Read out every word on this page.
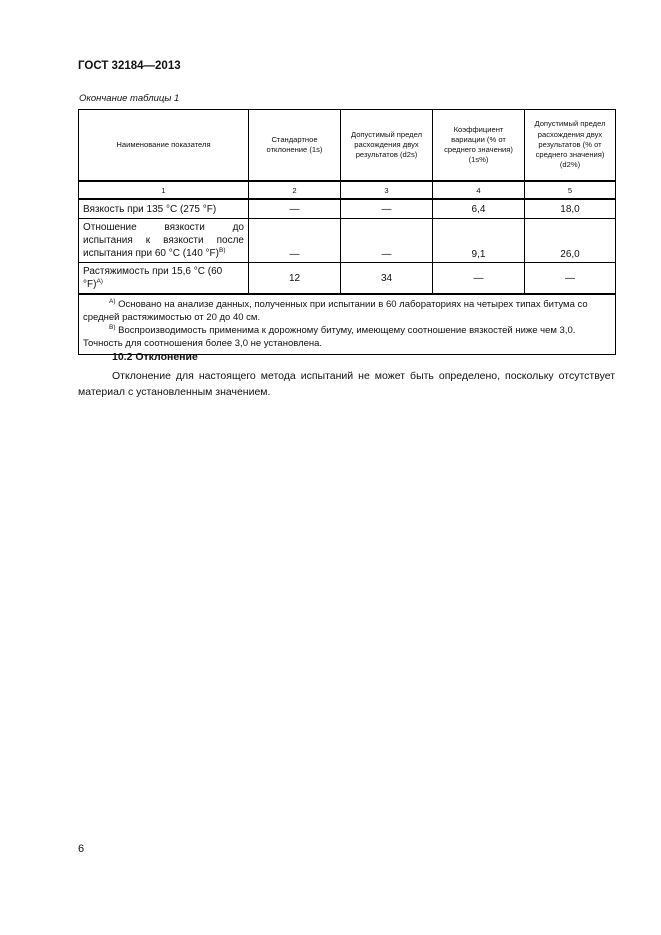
ГОСТ 32184—2013
Окончание таблицы 1
Наименование показателя	Стандартное отклонение (1s)	Допустимый предел расхождения двух результатов (d2s)	Коэффициент вариации (% от среднего значения) (1s%)	Допустимый предел расхождения двух результатов (% от среднего значения) (d2%)
1	2	3	4	5
Вязкость при 135 °С (275 °F)	—	—	6,4	18,0
Отношение вязкости до испытания к вязкости после испытания при 60 °С (140 °F)$^{B)}$	—	—	9,1	26,0
Растяжимость при 15,6 °С (60 °F)$^{A)}$	12	34	—	—

$^{A)}$ Основано на анализе данных, полученных при испытании в 60 лабораториях на четырех типах битума со средней растяжимостью от 20 до 40 см.
$^{B)}$ Воспроизводимость применима к дорожному битуму, имеющему соотношение вязкостей ниже чем 3,0. Точность для соотношения более 3,0 не установлена.				
10.2 Отклонение
Отклонение для настоящего метода испытаний не может быть определено, поскольку отсутствует материал с установленным значением.
6
